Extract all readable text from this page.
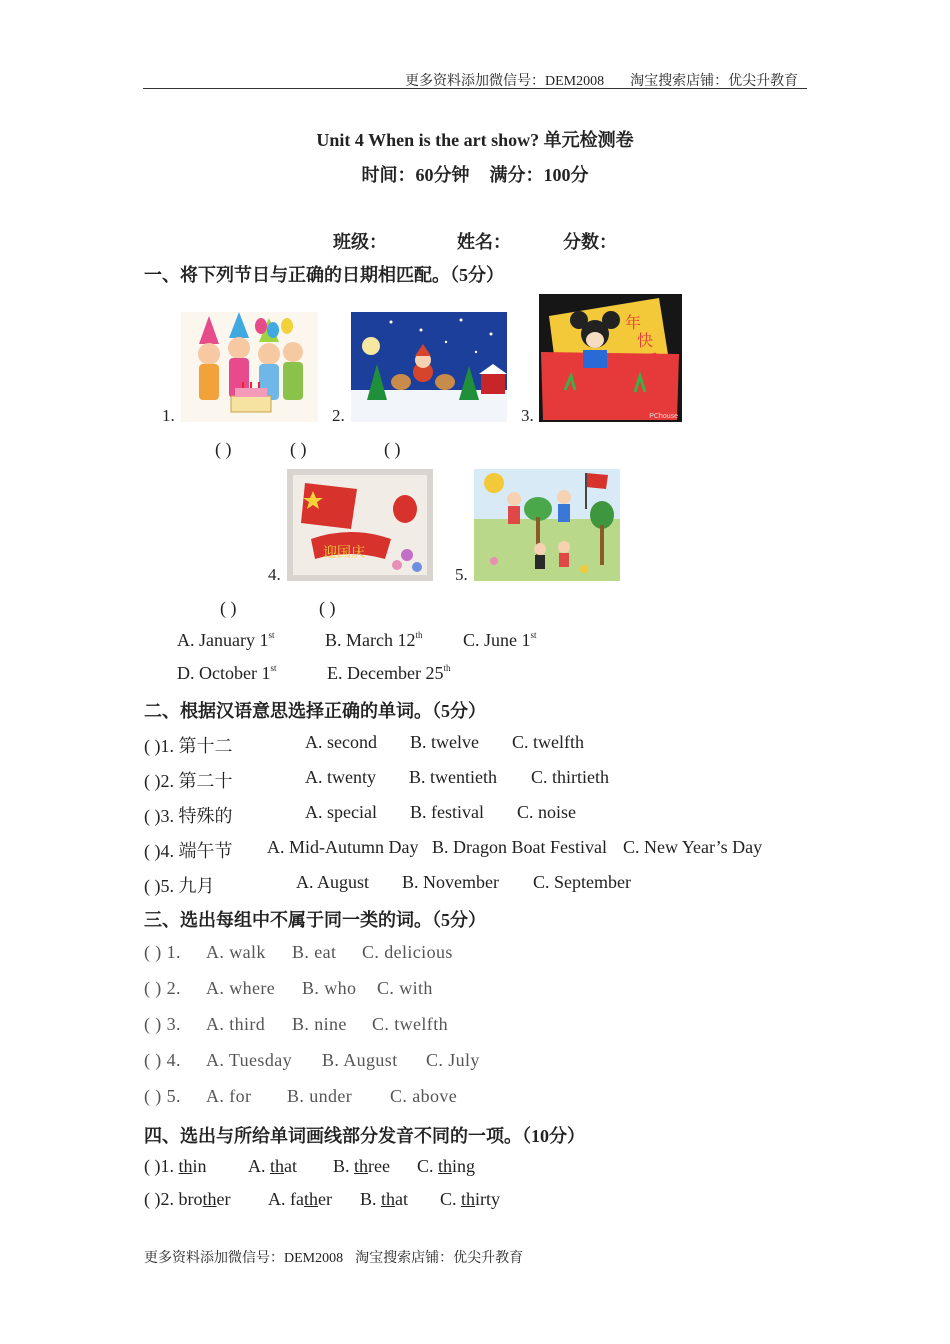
更多资料添加微信号：DEM2008 淘宝搜索店铺：优尖升教育
Unit 4 When is the art show? 单元检测卷
时间：60分钟 满分：100分
班级：	姓名：	分数：
一、将下列节日与正确的日期相匹配。（5分）
1.	2.
年
快
乐
PChouse
3.
( )	( )	( )
迎国庆
4.	5.
( )	( )
A. January 1st	B. March 12th C. June 1st
D. October 1st	E. December 25th
二、根据汉语意思选择正确的单词。（5分）
( )1. 第十二	A. second B. twelve C. twelfth
( )2. 第二十	A. twenty B. twentieth C. thirtieth
( )3. 特殊的	A. special B. festival C. noise
( )4. 端午节 A. Mid-Autumn Day B. Dragon Boat Festival C. New Year’s Day
( )5. 九月	A. August B. November C. September
三、选出每组中不属于同一类的词。（5分）
( ) 1. A. walk B. eat C. delicious
( ) 2. A. where B. who C. with
( ) 3. A. third B. nine C. twelfth
( ) 4. A. Tuesday B. August C. July
( ) 5. A. for B. under C. above
四、选出与所给单词画线部分发音不同的一项。（10分）
( )1. thin A. that B. three C. thing
( )2. brother A. father B. that C. thirty
更多资料添加微信号：DEM2008 淘宝搜索店铺：优尖升教育
